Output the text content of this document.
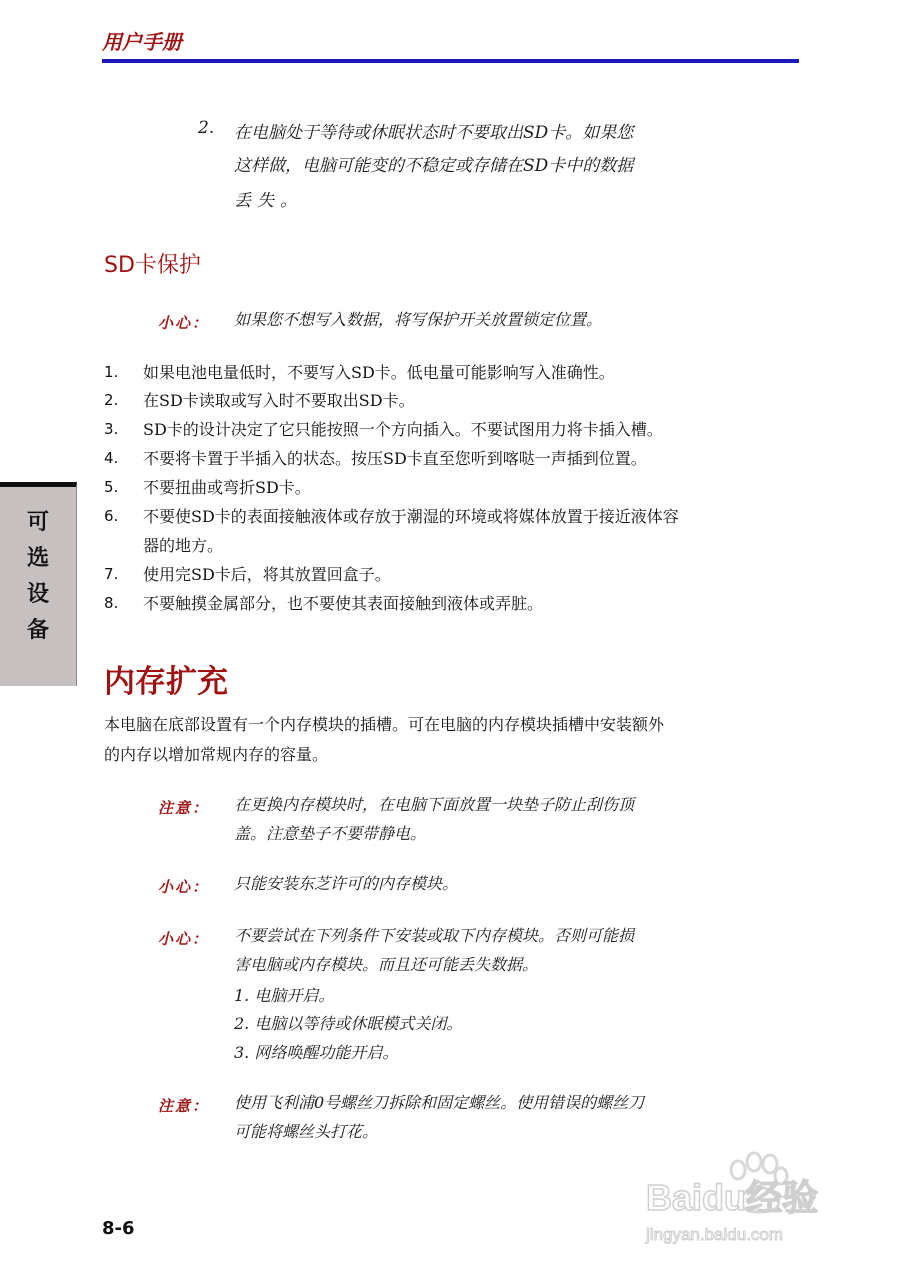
用户手册
2. 在电脑处于等待或休眠状态时不要取出SD卡。如果您
这样做，电脑可能变的不稳定或存储在SD卡中的数据
丢失。
SD卡保护
小心： 如果您不想写入数据，将写保护开关放置锁定位置。
1. 如果电池电量低时，不要写入SD卡。低电量可能影响写入准确性。
2. 在SD卡读取或写入时不要取出SD卡。
3. SD卡的设计决定了它只能按照一个方向插入。不要试图用力将卡插入槽。
4. 不要将卡置于半插入的状态。按压SD卡直至您听到喀哒一声插到位置。
5. 不要扭曲或弯折SD卡。
6. 不要使SD卡的表面接触液体或存放于潮湿的环境或将媒体放置于接近液体容
器的地方。
7. 使用完SD卡后，将其放置回盒子。
8. 不要触摸金属部分，也不要使其表面接触到液体或弄脏。
可
选
设
备
内存扩充
本电脑在底部设置有一个内存模块的插槽。可在电脑的内存模块插槽中安装额外
的内存以增加常规内存的容量。
注意： 在更换内存模块时，在电脑下面放置一块垫子防止刮伤顶
盖。注意垫子不要带静电。
小心： 只能安装东芝许可的内存模块。
小心： 不要尝试在下列条件下安装或取下内存模块。否则可能损
害电脑或内存模块。而且还可能丢失数据。
1. 电脑开启。
2. 电脑以等待或休眠模式关闭。
3. 网络唤醒功能开启。
注意： 使用飞利浦0号螺丝刀拆除和固定螺丝。使用错误的螺丝刀
可能将螺丝头打花。
8-6
Baidu经验
jingyan.baidu.com
